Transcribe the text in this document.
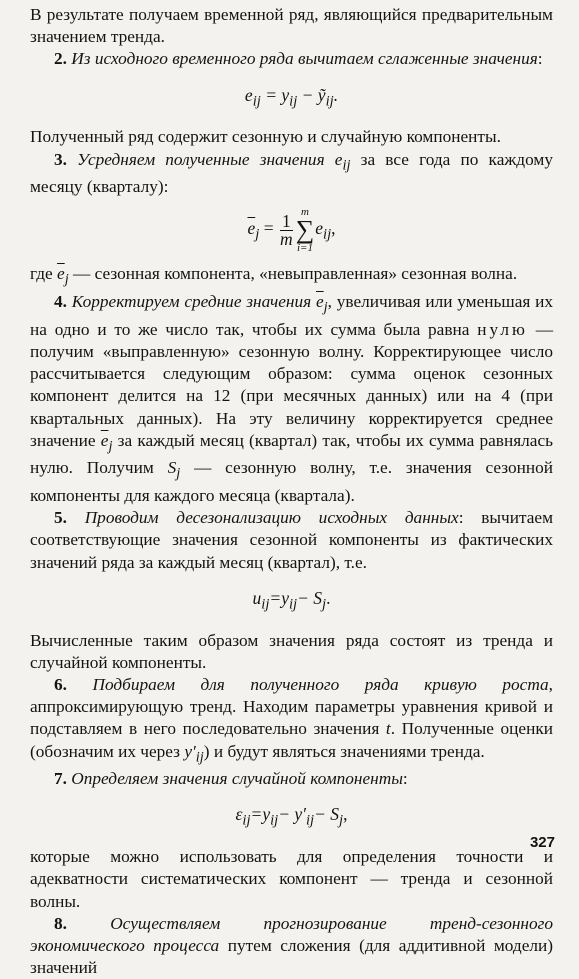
В результате получаем временной ряд, являющийся предварительным значением тренда.

2. Из исходного временного ряда вычитаем сглаженные значения:

$e_{ij} = y_{ij}$ − ỹ$_{ij}$.

Полученный ряд содержит сезонную и случайную компоненты.

3. Усредняем полученные значения $e_{ij}$ за все года по каждому месяцу (кварталу):

$\overline{e}_j = \frac{1}{m}$
m
∑
i=1
$e_{ij}$,

где $\overline{e}_j$ — сезонная компонента, «невыправленная» сезонная волна.

4. Корректируем средние значения $\overline{e}_j$, увеличивая или уменьшая их на одно и то же число так, чтобы их сумма была равна нулю — получим «выправленную» сезонную волну. Корректирующее число рассчитывается следующим образом: сумма оценок сезонных компонент делится на 12 (при месячных данных) или на 4 (при квартальных данных). На эту величину корректируется среднее значение $\overline{e}_j$ за каждый месяц (квартал) так, чтобы их сумма равнялась нулю. Получим $S_j$ — сезонную волну, т.е. значения сезонной компоненты для каждого месяца (квартала).

5. Проводим десезонализацию исходных данных: вычитаем соответствующие значения сезонной компоненты из фактических значений ряда за каждый месяц (квартал), т.е.

$u_{ij}=y_{ij}- S_j$.

Вычисленные таким образом значения ряда состоят из тренда и случайной компоненты.

6. Подбираем для полученного ряда кривую роста, аппроксимирующую тренд. Находим параметры уравнения кривой и подставляем в него последовательно значения t. Полученные оценки (обозначим их через $y'_{ij}$) и будут являться значениями тренда.

7. Определяем значения случайной компоненты:

$\varepsilon_{ij}=y_{ij}- y'_{ij}- S_j$,

которые можно использовать для определения точности и адекватности систематических компонент — тренда и сезонной волны.

8. Осуществляем прогнозирование тренд-сезонного экономического процесса путем сложения (для аддитивной модели) значений

327
